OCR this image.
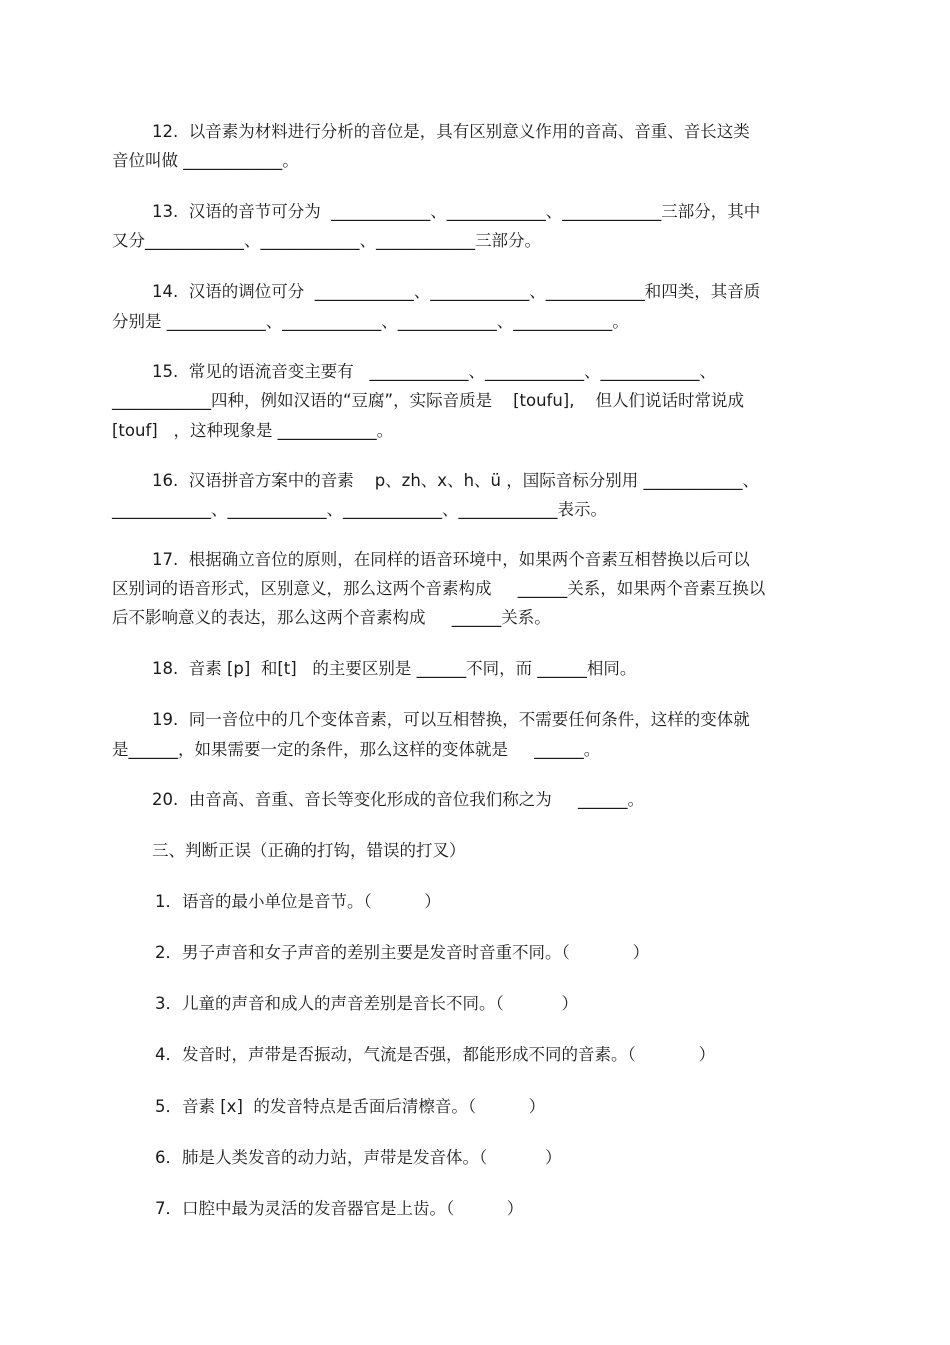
12.  以音素为材料进行分析的音位是，具有区别意义作用的音高、音重、音长这类
音位叫做 ____________。
13.  汉语的音节可分为  ____________、____________、____________三部分，其中
又分____________、____________、____________三部分。
14.  汉语的调位可分  ____________、____________、____________和四类，其音质
分别是 ____________、____________、____________、____________。
15.  常见的语流音变主要有   ____________、____________、____________、
____________四种，例如汉语的“豆腐”，实际音质是    [toufu],    但人们说话时常说成
[touf]   ，这种现象是 ____________。
16.  汉语拼音方案中的音素    p、zh、x、h、ü ，国际音标分别用 ____________、
____________、____________、____________、____________表示。
17.  根据确立音位的原则，在同样的语音环境中，如果两个音素互相替换以后可以
区别词的语音形式，区别意义，那么这两个音素构成     ______关系，如果两个音素互换以
后不影响意义的表达，那么这两个音素构成     ______关系。
18.  音素 [p]  和[t]   的主要区别是 ______不同，而 ______相同。
19.  同一音位中的几个变体音素，可以互相替换，不需要任何条件，这样的变体就
是______，如果需要一定的条件，那么这样的变体就是     ______。
20.  由音高、音重、音长等变化形成的音位我们称之为     ______。
三、判断正误（正确的打钩，错误的打叉）
1．语音的最小单位是音节。（          ）
2．男子声音和女子声音的差别主要是发音时音重不同。（            ）
3．儿童的声音和成人的声音差别是音长不同。（           ）
4．发音时，声带是否振动，气流是否强，都能形成不同的音素。（            ）
5．音素 [x]  的发音特点是舌面后清檫音。（          ）
6．肺是人类发音的动力站，声带是发音体。（           ）
7．口腔中最为灵活的发音器官是上齿。（          ）
